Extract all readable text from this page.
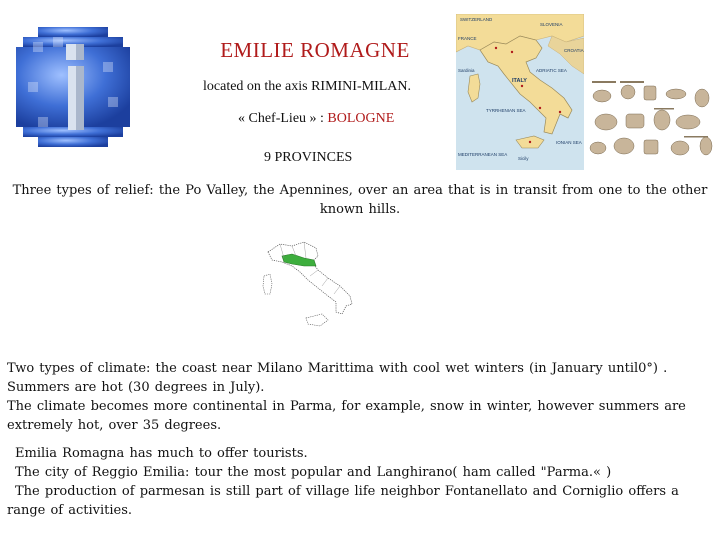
EMILIE ROMAGNE
located on the axis RIMINI-MILAN.
« Chef-Lieu » : BOLOGNE
9 PROVINCES
SWITZERLAND
SLOVENIA
FRANCE
CROATIA
ITALY
ADRIATIC SEA
TYRRHENIAN SEA
MEDITERRANEAN SEA
IONIAN SEA
Sardinia
Sicily
Three types of relief: the Po Valley, the Apennines, over an area that is in transit from one to the other known hills.
Two types of climate: the coast near Milano Marittima with cool wet winters (in January until0°) .
Summers are hot (30 degrees in July).
The climate becomes more continental in Parma, for example, snow in winter, however summers are extremely hot, over 35 degrees.
Emilia Romagna has much to offer tourists.
The city of Reggio Emilia: tour the most popular and Langhirano( ham called "Parma.« )
The production of parmesan is still part of village life neighbor Fontanellato and Corniglio offers a range of activities.
